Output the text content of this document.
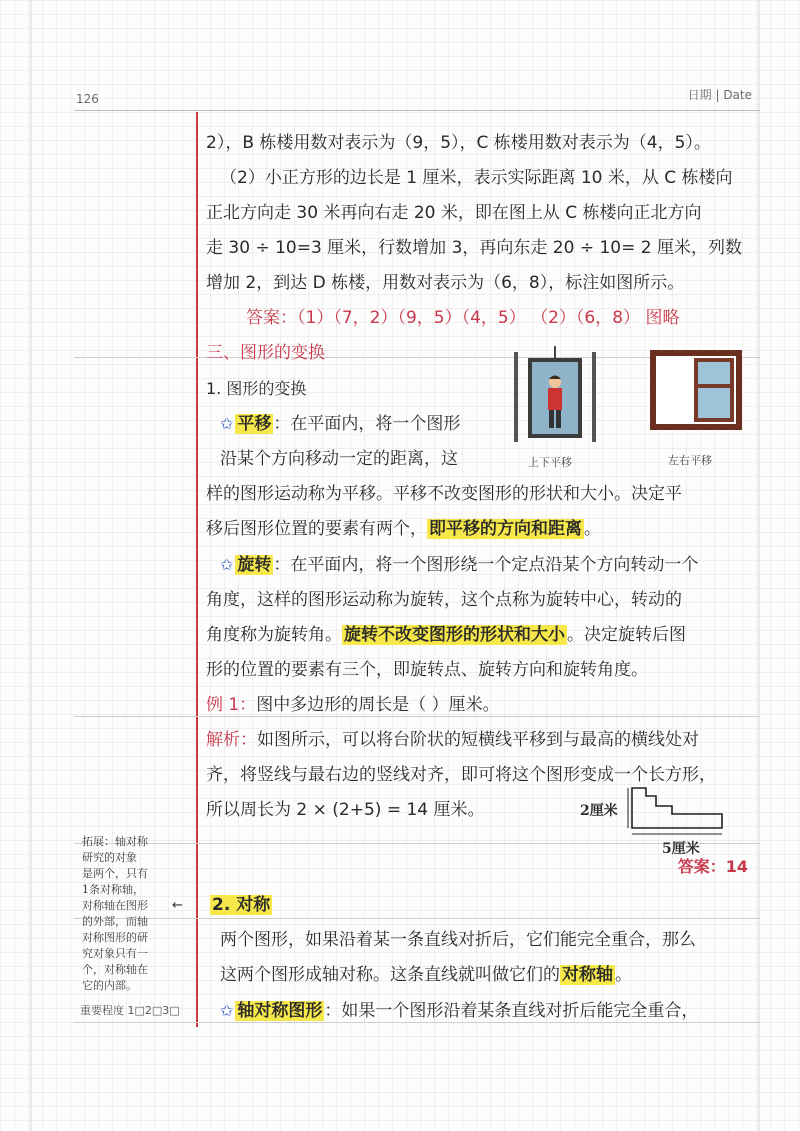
126	日期 | Date
2），B 栋楼用数对表示为（9，5），C 栋楼用数对表示为（4，5）。
（2）小正方形的边长是 1 厘米，表示实际距离 10 米，从 C 栋楼向
正北方向走 30 米再向右走 20 米，即在图上从 C 栋楼向正北方向
走 30 ÷ 10=3 厘米，行数增加 3，再向东走 20 ÷ 10= 2 厘米，列数
增加 2，到达 D 栋楼，用数对表示为（6，8），标注如图所示。
答案：（1）（7，2）（9，5）（4，5） （2）（6，8） 图略
三、图形的变换
1. 图形的变换
✩ 平移 ：在平面内，将一个图形
沿某个方向移动一定的距离，这
样的图形运动称为平移。平移不改变图形的形状和大小。决定平
移后图形位置的要素有两个， 即平移的方向和距离 。
✩ 旋转 ：在平面内，将一个图形绕一个定点沿某个方向转动一个
角度，这样的图形运动称为旋转，这个点称为旋转中心，转动的
角度称为旋转角。 旋转不改变图形的形状和大小 。决定旋转后图
形的位置的要素有三个，即旋转点、旋转方向和旋转角度。
例 1：图中多边形的周长是（ ）厘米。
解析：如图所示，可以将台阶状的短横线平移到与最高的横线处对
齐，将竖线与最右边的竖线对齐，即可将这个图形变成一个长方形，
所以周长为 2 × (2+5) = 14 厘米。
答案：14
2. 对称
两个图形，如果沿着某一条直线对折后，它们能完全重合，那么
这两个图形成轴对称。这条直线就叫做它们的 对称轴 。
✩ 轴对称图形 ：如果一个图形沿着某条直线对折后能完全重合，
上下平移	左右平移
2厘米
5厘米
拓展：轴对称
研究的对象
是两个，只有
1条对称轴，
对称轴在图形
的外部，而轴
对称图形的研
究对象只有一
个，对称轴在
它的内部。
←
重要程度 1□2□3□
